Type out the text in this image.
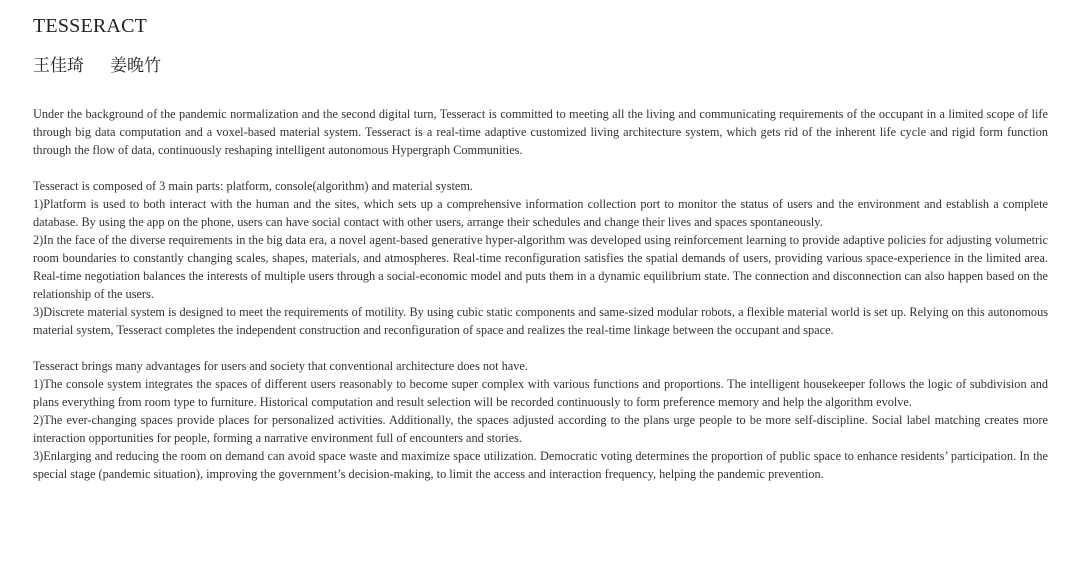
TESSERACT
王佳琦 姜晚竹

Under the background of the pandemic normalization and the second digital turn, Tesseract is committed to meeting all the living and communicating requirements of the occupant in a limited scope of life through big data computation and a voxel-based material system. Tesseract is a real-time adaptive customized living architecture system, which gets rid of the inherent life cycle and rigid form function through the flow of data, continuously reshaping intelligent autonomous Hypergraph Communities.

Tesseract is composed of 3 main parts: platform, console(algorithm) and material system.

1)Platform is used to both interact with the human and the sites, which sets up a comprehensive information collection port to monitor the status of users and the environment and establish a complete database. By using the app on the phone, users can have social contact with other users, arrange their schedules and change their lives and spaces spontaneously.

2)In the face of the diverse requirements in the big data era, a novel agent-based generative hyper-algorithm was developed using reinforcement learning to provide adaptive policies for adjusting volumetric room boundaries to constantly changing scales, shapes, materials, and atmospheres. Real-time reconfiguration satisfies the spatial demands of users, providing various space-experience in the limited area. Real-time negotiation balances the interests of multiple users through a social-economic model and puts them in a dynamic equilibrium state. The connection and disconnection can also happen based on the relationship of the users.

3)Discrete material system is designed to meet the requirements of motility. By using cubic static components and same-sized modular robots, a flexible material world is set up. Relying on this autonomous material system, Tesseract completes the independent construction and reconfiguration of space and realizes the real-time linkage between the occupant and space.

Tesseract brings many advantages for users and society that conventional architecture does not have.

1)The console system integrates the spaces of different users reasonably to become super complex with various functions and proportions. The intelligent housekeeper follows the logic of subdivision and plans everything from room type to furniture. Historical computation and result selection will be recorded continuously to form preference memory and help the algorithm evolve.

2)The ever-changing spaces provide places for personalized activities. Additionally, the spaces adjusted according to the plans urge people to be more self-discipline. Social label matching creates more interaction opportunities for people, forming a narrative environment full of encounters and stories.

3)Enlarging and reducing the room on demand can avoid space waste and maximize space utilization. Democratic voting determines the proportion of public space to enhance residents’ participation. In the special stage (pandemic situation), improving the government’s decision-making, to limit the access and interaction frequency, helping the pandemic prevention.
